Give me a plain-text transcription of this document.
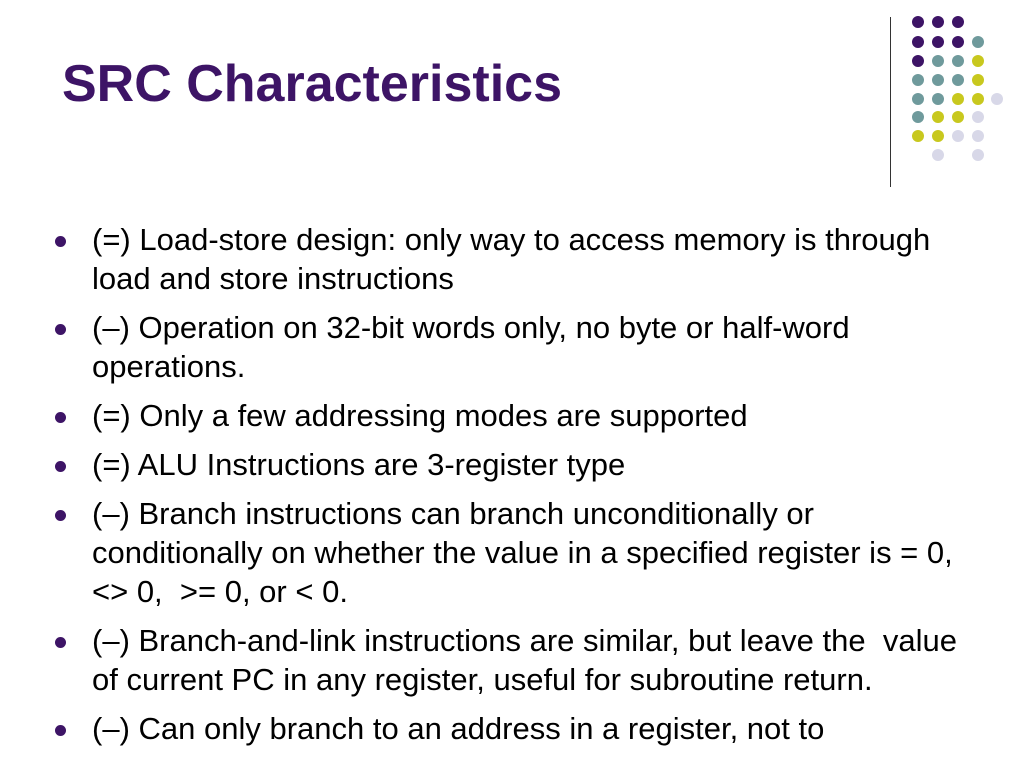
SRC Characteristics
(=) Load-store design: only way to access memory is through load and store instructions
(–) Operation on 32-bit words only, no byte or half-word operations.
(=) Only a few addressing modes are supported
(=) ALU Instructions are 3-register type
(–) Branch instructions can branch unconditionally or conditionally on whether the value in a specified register is = 0,  <> 0,  >= 0, or < 0.
(–) Branch-and-link instructions are similar, but leave the  value of current PC in any register, useful for subroutine return.
(–) Can only branch to an address in a register, not to
